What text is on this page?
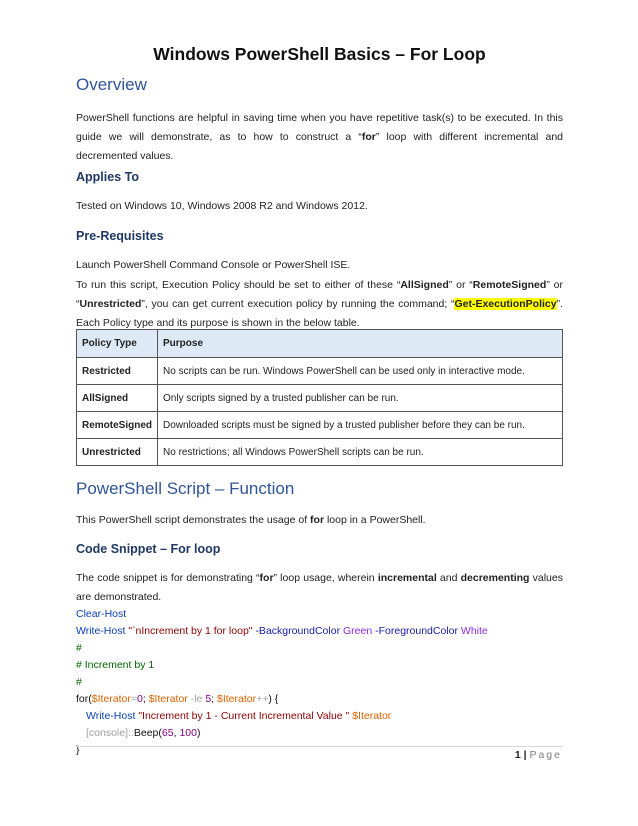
Windows PowerShell Basics – For Loop
Overview

PowerShell functions are helpful in saving time when you have repetitive task(s) to be executed. In this guide we will demonstrate, as to how to construct a “for” loop with different incremental and decremented values.

Applies To

Tested on Windows 10, Windows 2008 R2 and Windows 2012.

Pre-Requisites

Launch PowerShell Command Console or PowerShell ISE.

To run this script, Execution Policy should be set to either of these “AllSigned” or “RemoteSigned” or “Unrestricted”, you can get current execution policy by running the command; “Get-ExecutionPolicy”. Each Policy type and its purpose is shown in the below table.

Policy Type	Purpose
Restricted	No scripts can be run. Windows PowerShell can be used only in interactive mode.
AllSigned	Only scripts signed by a trusted publisher can be run.
RemoteSigned	Downloaded scripts must be signed by a trusted publisher before they can be run.
Unrestricted	No restrictions; all Windows PowerShell scripts can be run.
PowerShell Script – Function

This PowerShell script demonstrates the usage of for loop in a PowerShell.

Code Snippet – For loop

The code snippet is for demonstrating “for” loop usage, wherein incremental and decrementing values are demonstrated.

Clear-Host
Write-Host "`nIncrement by 1 for loop" -BackgroundColor Green -ForegroundColor White
#
# Increment by 1
#
for($Iterator=0; $Iterator -le 5; $Iterator++) {
Write-Host "Increment by 1 - Current Incremental Value " $Iterator
[console]::Beep(65, 100)
}	1 | Page
